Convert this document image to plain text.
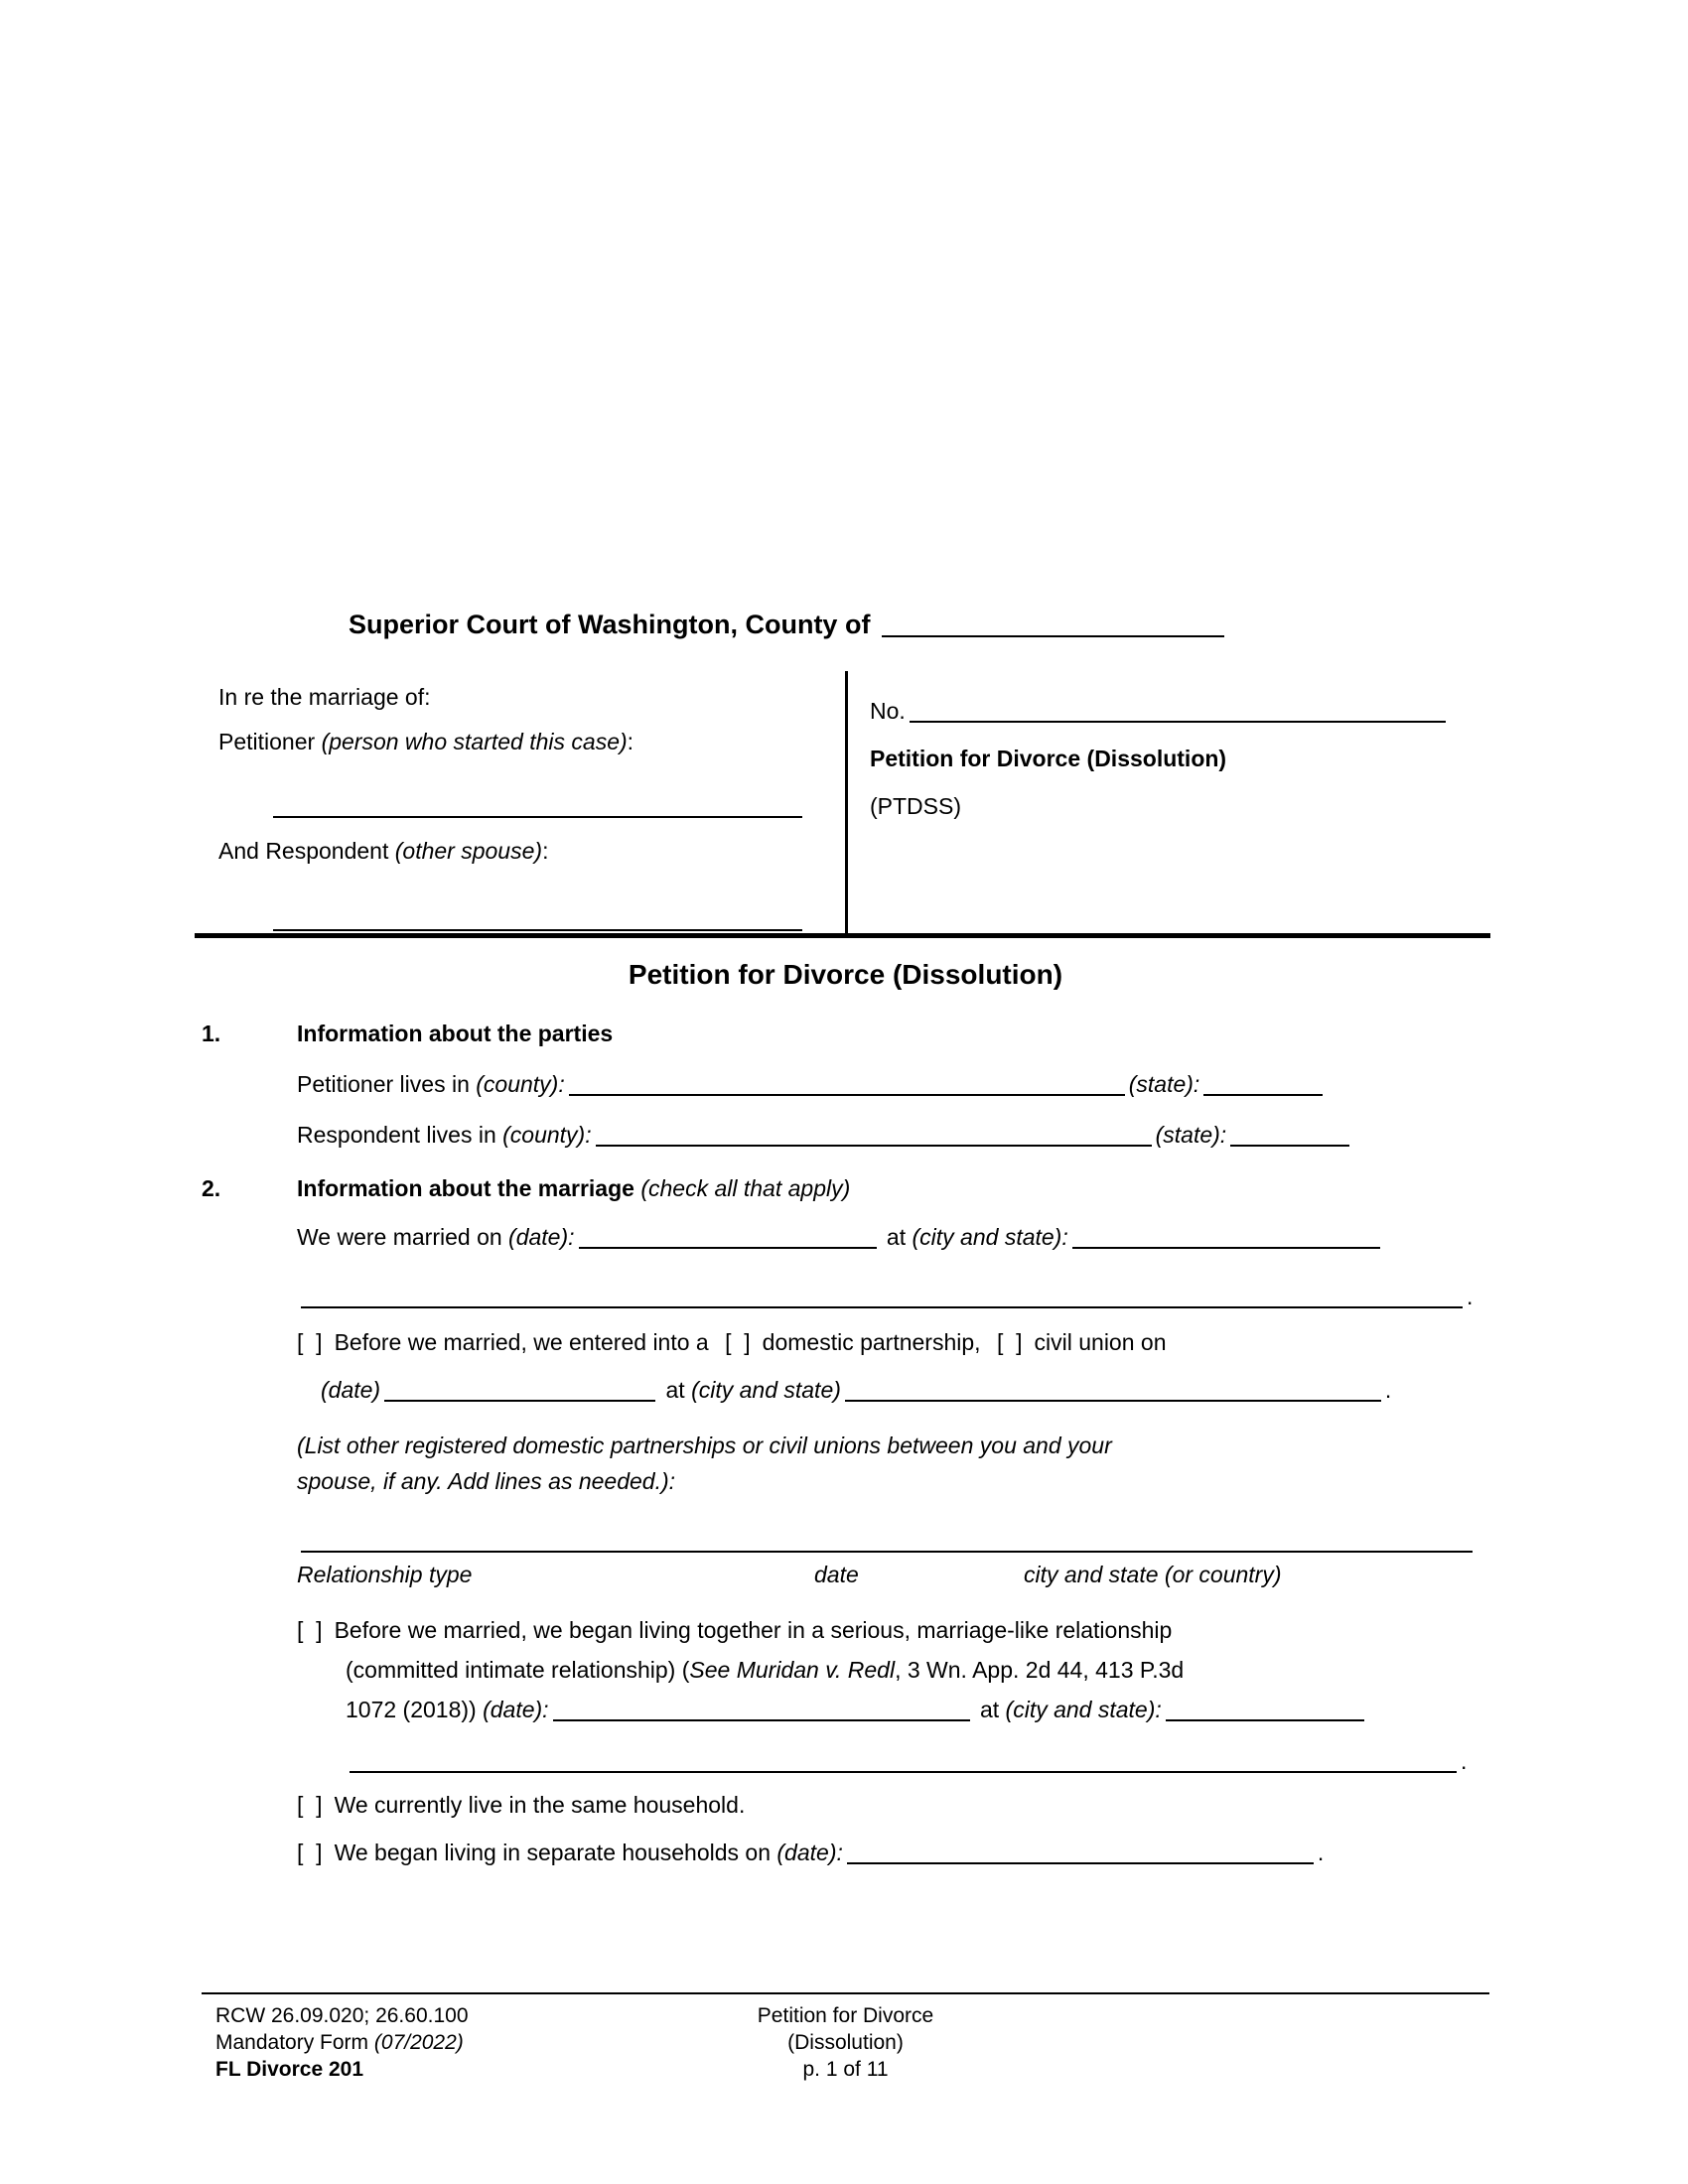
Superior Court of Washington, County of

In re the marriage of:

Petitioner (person who started this case):

And Respondent (other spouse):

No.

Petition for Divorce (Dissolution)

(PTDSS)

Petition for Divorce (Dissolution)
1.	Information about the parties

Petitioner lives in (county):	(state):

Respondent lives in (county):	(state):

2.	Information about the marriage (check all that apply)

We were married on (date):	at (city and state):

.

[  ] Before we married, we entered into a [  ] domestic partnership, [  ] civil union on

(date)	at (city and state)	.

(List other registered domestic partnerships or civil unions between you and your
spouse, if any. Add lines as needed.):

Relationship type	date	city and state (or country)

[  ] Before we married, we began living together in a serious, marriage-like relationship

(committed intimate relationship) (See Muridan v. Redl, 3 Wn. App. 2d 44, 413 P.3d

1072 (2018)) (date):	at (city and state):

.

[  ] We currently live in the same household.

[  ] We began living in separate households on (date):	.

Petition for Divorce
(Dissolution)
p. 1 of 11
RCW 26.09.020; 26.60.100
Mandatory Form (07/2022)
FL Divorce 201
